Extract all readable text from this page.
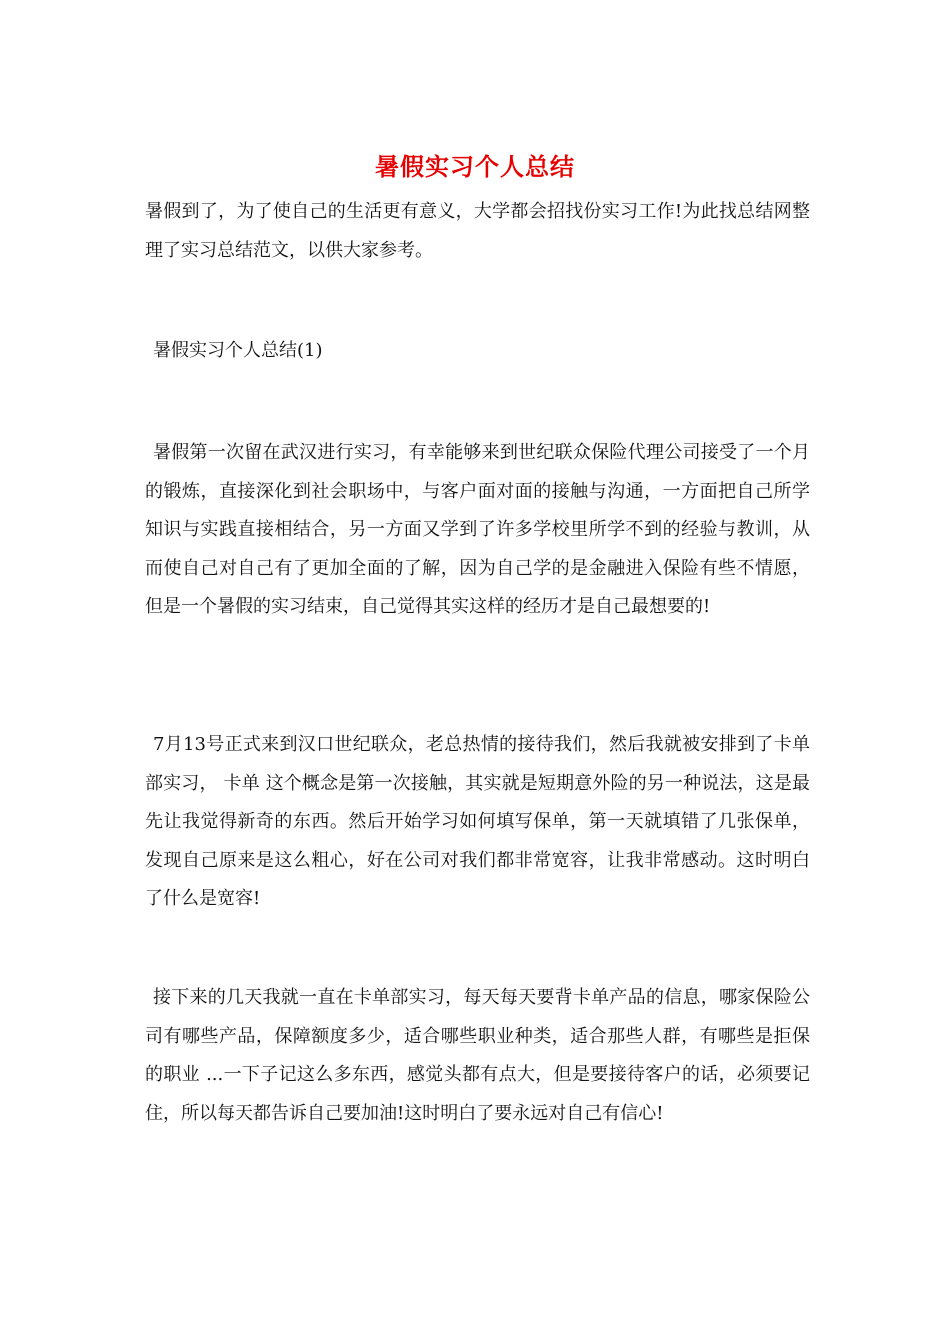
暑假实习个人总结

暑假到了，为了使自己的生活更有意义，大学都会招找份实习工作!为此找总结网整理了实习总结范文，以供大家参考。

暑假实习个人总结(1)

暑假第一次留在武汉进行实习，有幸能够来到世纪联众保险代理公司接受了一个月的锻炼，直接深化到社会职场中，与客户面对面的接触与沟通，一方面把自己所学知识与实践直接相结合，另一方面又学到了许多学校里所学不到的经验与教训，从而使自己对自己有了更加全面的了解，因为自己学的是金融进入保险有些不情愿，但是一个暑假的实习结束，自己觉得其实这样的经历才是自己最想要的!

7月13号正式来到汉口世纪联众，老总热情的接待我们，然后我就被安排到了卡单部实习， 卡单 这个概念是第一次接触，其实就是短期意外险的另一种说法，这是最先让我觉得新奇的东西。然后开始学习如何填写保单，第一天就填错了几张保单，发现自己原来是这么粗心，好在公司对我们都非常宽容，让我非常感动。这时明白了什么是宽容!

接下来的几天我就一直在卡单部实习，每天每天要背卡单产品的信息，哪家保险公司有哪些产品，保障额度多少，适合哪些职业种类，适合那些人群，有哪些是拒保的职业 ...一下子记这么多东西，感觉头都有点大，但是要接待客户的话，必须要记住，所以每天都告诉自己要加油!这时明白了要永远对自己有信心!
